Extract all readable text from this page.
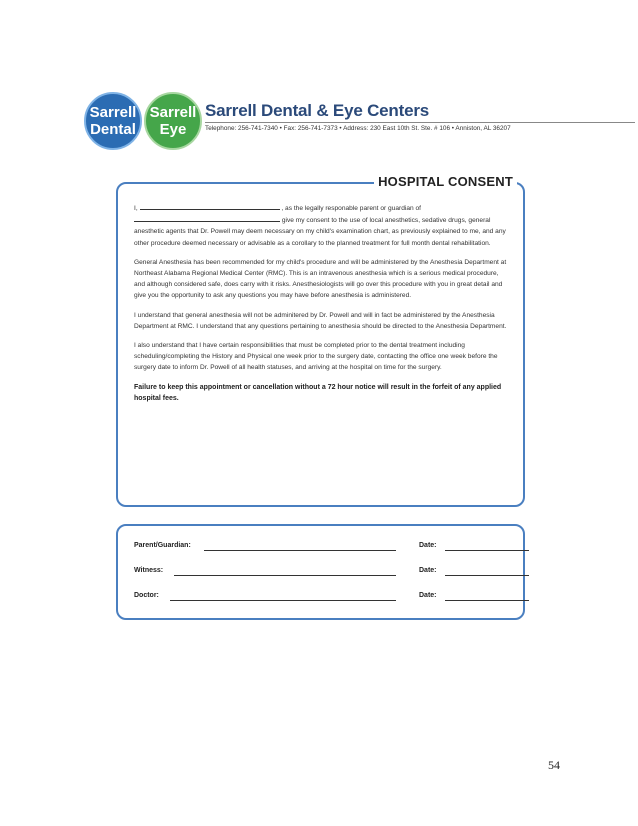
Sarrell
Dental
Sarrell
Eye
Sarrell Dental & Eye Centers
Telephone: 256-741-7340 • Fax: 256-741-7373 • Address: 230 East 10th St. Ste. # 106 • Anniston, AL 36207
HOSPITAL CONSENT

I,	, as the legally responable parent or guardian of
give my consent to the use of local anesthetics, sedative drugs, general anesthetic agents that Dr. Powell may deem necessary on my child's examination chart, as previously explained to me, and any other procedure deemed necessary or advisable as a corollary to the planned treatment for full month dental rehabilitation.

General Anesthesia has been recommended for my child's procedure and will be administered by the Anesthesia Department at Northeast Alabama Regional Medical Center (RMC). This is an intravenous anesthesia which is a serious medical procedure, and although considered safe, does carry with it risks. Anesthesiologists will go over this procedure with you in great detail and give you the opportunity to ask any questions you may have before anesthesia is administered.

I understand that general anesthesia will not be adminitered by Dr. Powell and will in fact be administered by the Anesthesia Department at RMC. I understand that any questions pertaining to anesthesia should be directed to the Anesthesia Department.

I also understand that I have certain responsibilities that must be completed prior to the dental treatment including scheduling/completing the History and Physical one week prior to the surgery date, contacting the office one week before the surgery date to inform Dr. Powell of all health statuses, and arriving at the hospital on time for the surgery.

Failure to keep this appointment or cancellation without a 72 hour notice will result in the forfeit of any applied hospital fees.

Parent/Guardian:	Date:
Witness:	Date:
Doctor:	Date:
54
